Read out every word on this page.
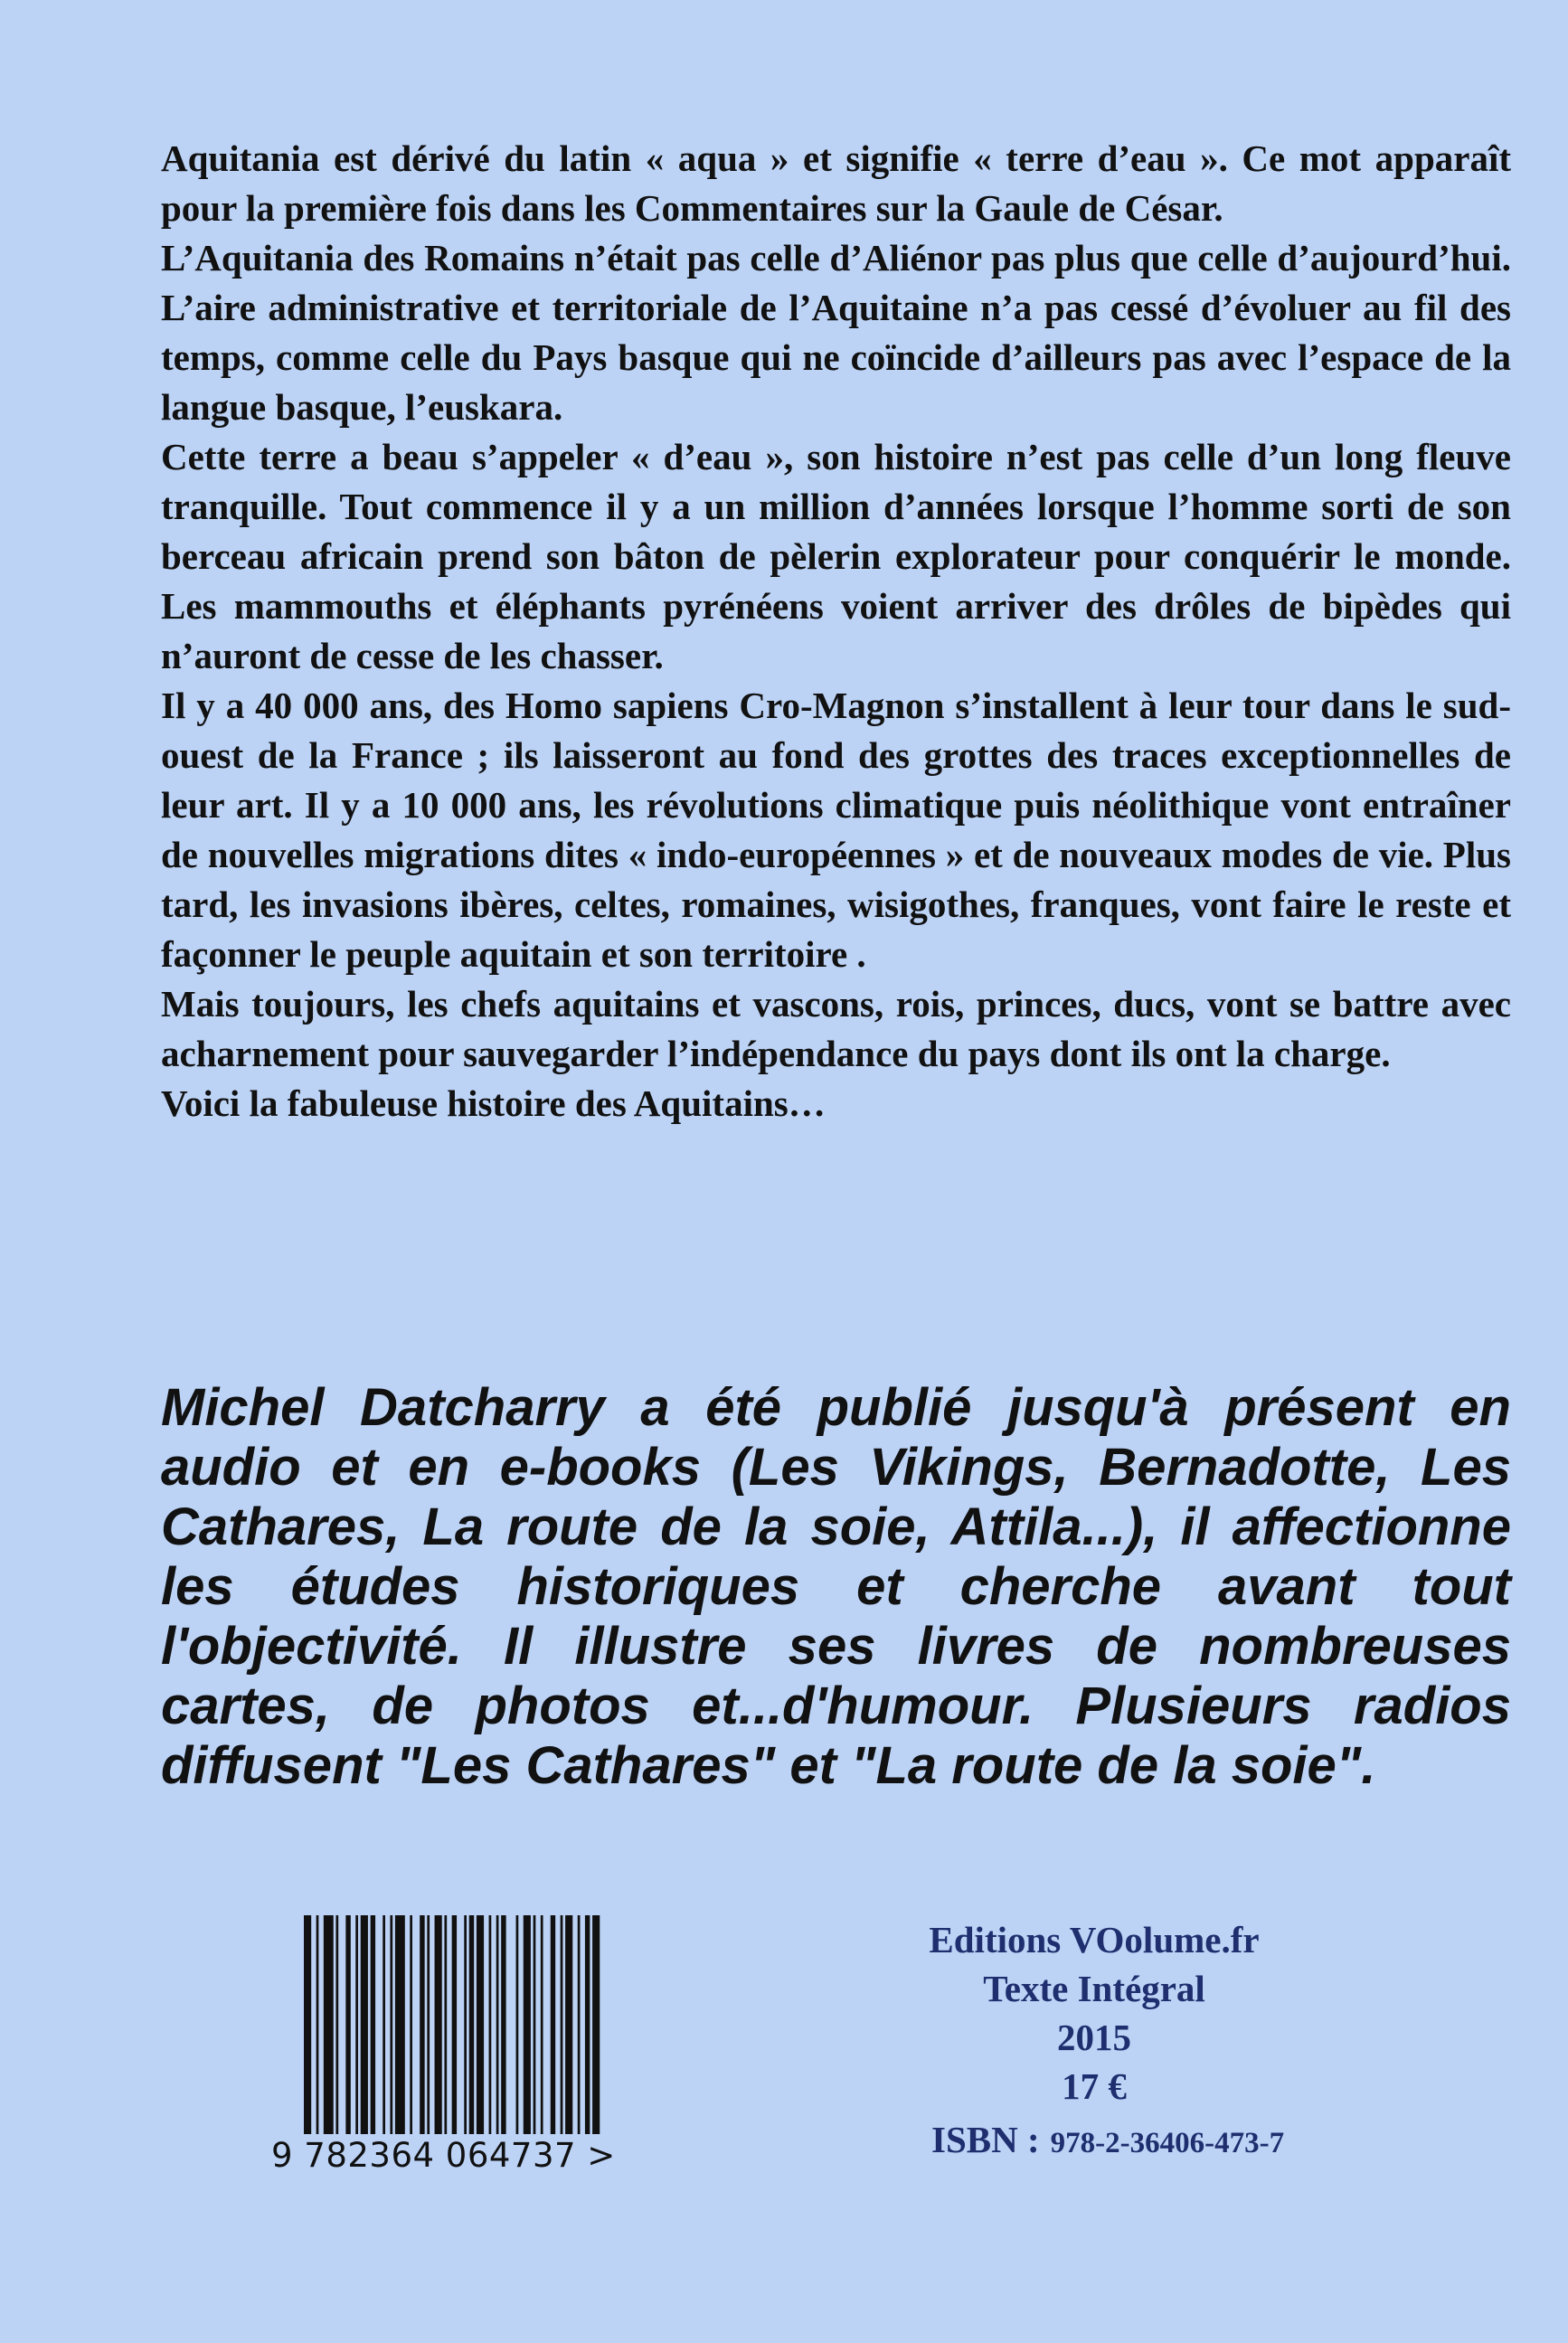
Aquitania est dérivé du latin « aqua » et signifie « terre d’eau ». Ce mot apparaît pour la première fois dans les Commentaires sur la Gaule de César.

L’Aquitania des Romains n’était pas celle d’Aliénor pas plus que celle d’aujourd’hui. L’aire administrative et territoriale de l’Aquitaine n’a pas cessé d’évoluer au fil des temps, comme celle du Pays basque qui ne coïncide d’ailleurs pas avec l’espace de la langue basque, l’euskara.

Cette terre a beau s’appeler « d’eau », son histoire n’est pas celle d’un long fleuve tranquille. Tout commence il y a un million d’années lorsque l’homme sorti de son berceau africain prend son bâton de pèlerin explorateur pour conquérir le monde. Les mammouths et éléphants pyrénéens voient arriver des drôles de bipèdes qui n’auront de cesse de les chasser.

Il y a 40 000 ans, des Homo sapiens Cro-Magnon s’installent à leur tour dans le sud-ouest de la France ; ils laisseront au fond des grottes des traces exceptionnelles de leur art. Il y a 10 000 ans, les révolutions climatique puis néolithique vont entraîner de nouvelles migrations dites « indo-européennes » et de nouveaux modes de vie. Plus tard, les invasions ibères, celtes, romaines, wisigothes, franques, vont faire le reste et façonner le peuple aquitain et son territoire .

Mais toujours, les chefs aquitains et vascons, rois, princes, ducs, vont se battre avec acharnement pour sauvegarder l’indépendance du pays dont ils ont la charge.

Voici la fabuleuse histoire des Aquitains…

Michel Datcharry a été publié jusqu'à présent en audio et en e-books (Les Vikings, Bernadotte, Les Cathares, La route de la soie, Attila...), il affectionne les études historiques et cherche avant tout l'objectivité. Il illustre ses livres de nombreuses cartes, de photos et...d'humour. Plusieurs radios diffusent "Les Cathares" et "La route de la soie".

9 782364 064737 >
Editions VOolume.fr
Texte Intégral
2015
17 €
ISBN : 978-2-36406-473-7
